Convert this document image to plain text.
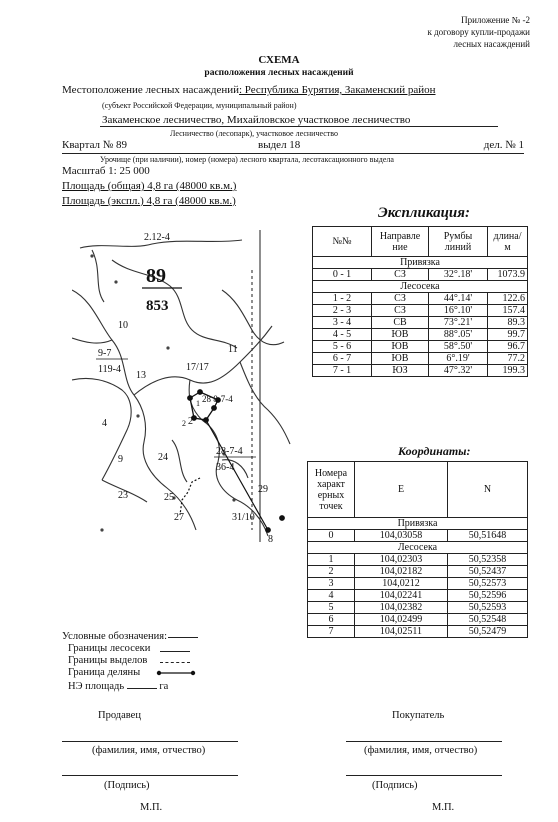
Приложение № -2
к договору купли-продажи
лесных насаждений
СХЕМА
расположения лесных насаждений
Местоположение лесных насаждений: Республика Бурятия, Закаменский район
(субъект Российской Федерации, муниципальный район)
Закаменское лесничество, Михайловское участковое лесничество
Лесничество (лесопарк), участковое лесничество
Квартал № 89	выдел 18	дел. № 1
Урочище (при наличии), номер (номера) лесного квартала, лесотаксационного выдела
Масштаб 1: 25 000
Площадь (общая) 4,8 га (48000 кв.м.)
Площадь (экспл.) 4,8 га (48000 кв.м.)
Экспликация:
№№	Направле ние	Румбы линий	длина/ м
Привязка			
0 - 1	СЗ	32°.18'	1073.9
Лесосека			
1 - 2	СЗ	44°.14'	122.6
2 - 3	СЗ	16°.10'	157.4
3 - 4	СВ	73°.21'	89.3
4 - 5	ЮВ	88°.05'	99.7
5 - 6	ЮВ	58°.50'	96.7
6 - 7	ЮВ	6°.19'	77.2
7 - 1	ЮЗ	47°.32'	199.3
2.12-4
89
853
10
9-7
119-4
13
17/17
11
28 8-7-4
4	2
9	24
28-7-4
36-4
23	25
27
29
31/10
8
1
2
Координаты:
Номера характ ерных точек	E	N
Привязка		
0	104,03058	50,51648
Лесосека		
1	104,02303	50,52358
2	104,02182	50,52437
3	104,0212	50,52573
4	104,02241	50,52596
5	104,02382	50,52593
6	104,02499	50,52548
7	104,02511	50,52479
Условные обозначения:
Границы лесосеки
Границы выделов
Граница деляны
НЭ площадь	га
Продавец
(фамилия, имя, отчество)
(Подпись)
М.П.
Покупатель
(фамилия, имя, отчество)
(Подпись)
М.П.
